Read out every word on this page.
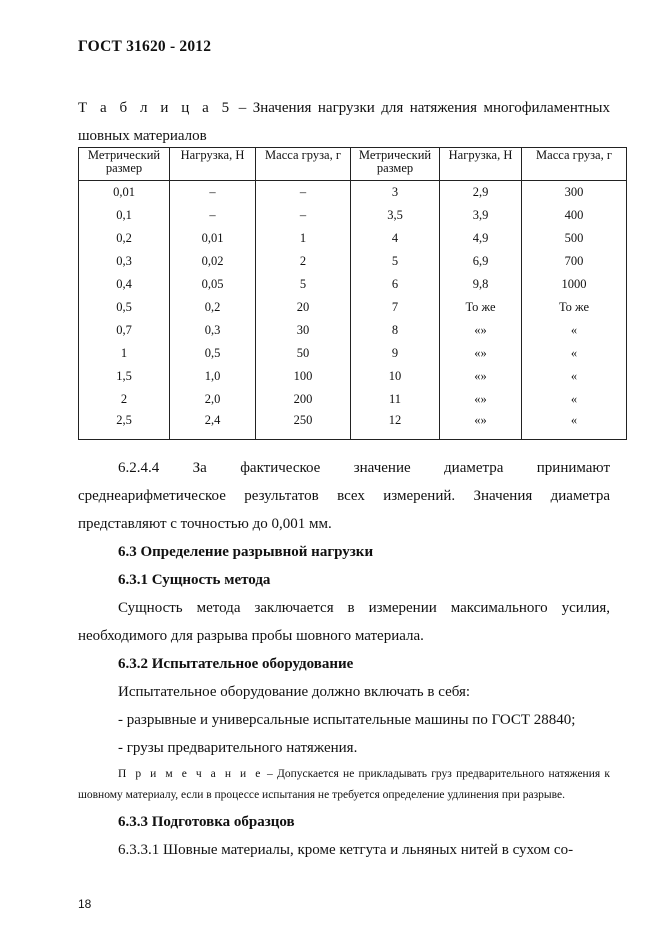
ГОСТ 31620 - 2012
Т а б л и ц а 5 – Значения нагрузки для натяжения многофиламентных шовных материалов
Метрический размер	Нагрузка, Н	Масса груза, г	Метрический размер	Нагрузка, Н	Масса груза, г
0,01	–	–	3	2,9	300
0,1	–	–	3,5	3,9	400
0,2	0,01	1	4	4,9	500
0,3	0,02	2	5	6,9	700
0,4	0,05	5	6	9,8	1000
0,5	0,2	20	7	То же	То же
0,7	0,3	30	8	«»	«
1	0,5	50	9	«»	«
1,5	1,0	100	10	«»	«
2	2,0	200	11	«»	«
2,5	2,4	250	12	«»	«

6.2.4.4 За фактическое значение диаметра принимают среднеарифметическое результатов всех измерений. Значения диаметра представляют с точностью до 0,001 мм.

6.3 Определение разрывной нагрузки

6.3.1 Сущность метода

Сущность метода заключается в измерении максимального усилия, необходимого для разрыва пробы шовного материала.

6.3.2 Испытательное оборудование

Испытательное оборудование должно включать в себя:

- разрывные и универсальные испытательные машины по ГОСТ 28840;

- грузы предварительного натяжения.

П р и м е ч а н и е – Допускается не прикладывать груз предварительного натяжения к шовному материалу, если в процессе испытания не требуется определение удлинения при разрыве.

6.3.3 Подготовка образцов

6.3.3.1 Шовные материалы, кроме кетгута и льняных нитей в сухом со-

18
